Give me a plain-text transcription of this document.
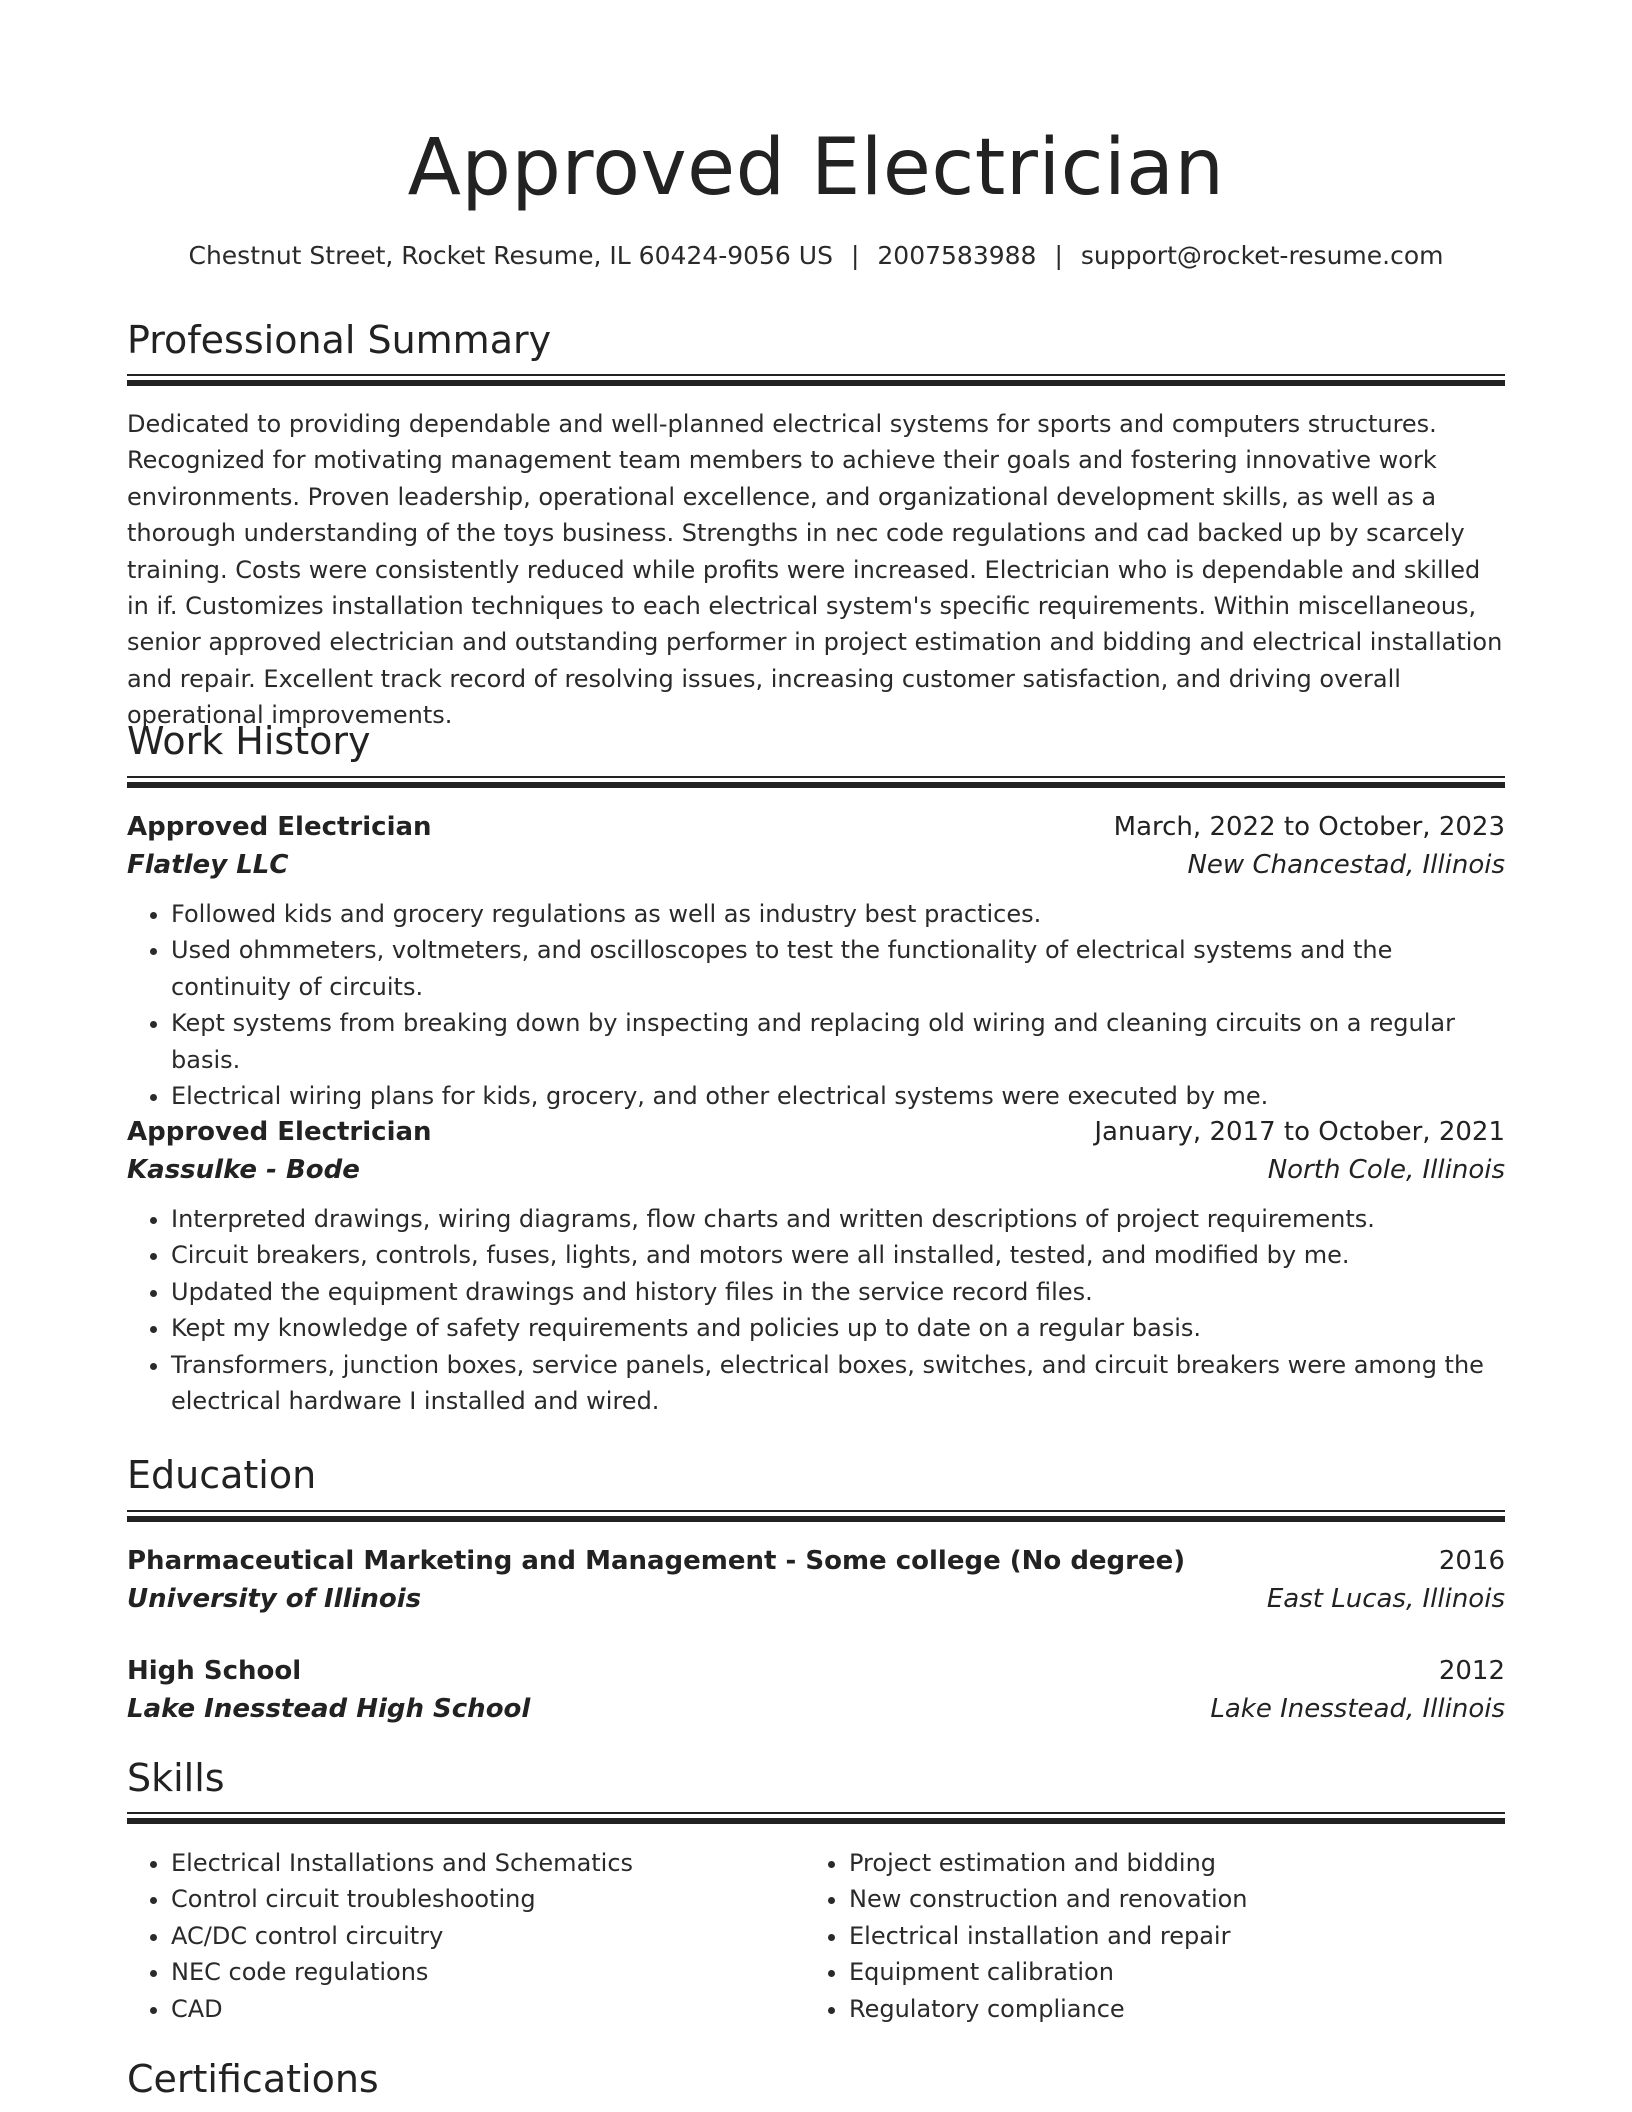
Approved Electrician
Chestnut Street, Rocket Resume, IL 60424-9056 US | 2007583988 | support@rocket-resume.com
Professional Summary

Dedicated to providing dependable and well-planned electrical systems for sports and computers structures. Recognized for motivating management team members to achieve their goals and fostering innovative work environments. Proven leadership, operational excellence, and organizational development skills, as well as a thorough understanding of the toys business. Strengths in nec code regulations and cad backed up by scarcely training. Costs were consistently reduced while profits were increased. Electrician who is dependable and skilled in if. Customizes installation techniques to each electrical system's specific requirements. Within miscellaneous, senior approved electrician and outstanding performer in project estimation and bidding and electrical installation and repair. Excellent track record of resolving issues, increasing customer satisfaction, and driving overall operational improvements.

Work History
Approved Electrician	March, 2022 to October, 2023
Flatley LLC	New Chancestad, Illinois
• Followed kids and grocery regulations as well as industry best practices.
• Used ohmmeters, voltmeters, and oscilloscopes to test the functionality of electrical systems and the continuity of circuits.
• Kept systems from breaking down by inspecting and replacing old wiring and cleaning circuits on a regular basis.
• Electrical wiring plans for kids, grocery, and other electrical systems were executed by me.
Approved Electrician	January, 2017 to October, 2021
Kassulke - Bode	North Cole, Illinois
• Interpreted drawings, wiring diagrams, flow charts and written descriptions of project requirements.
• Circuit breakers, controls, fuses, lights, and motors were all installed, tested, and modified by me.
• Updated the equipment drawings and history files in the service record files.
• Kept my knowledge of safety requirements and policies up to date on a regular basis.
• Transformers, junction boxes, service panels, electrical boxes, switches, and circuit breakers were among the electrical hardware I installed and wired.
Education
Pharmaceutical Marketing and Management - Some college (No degree)	2016
University of Illinois	East Lucas, Illinois
High School	2012
Lake Inesstead High School	Lake Inesstead, Illinois
Skills
• Electrical Installations and Schematics
• Control circuit troubleshooting
• AC/DC control circuitry
• NEC code regulations
• CAD
• Project estimation and bidding
• New construction and renovation
• Electrical installation and repair
• Equipment calibration
• Regulatory compliance
Certifications
